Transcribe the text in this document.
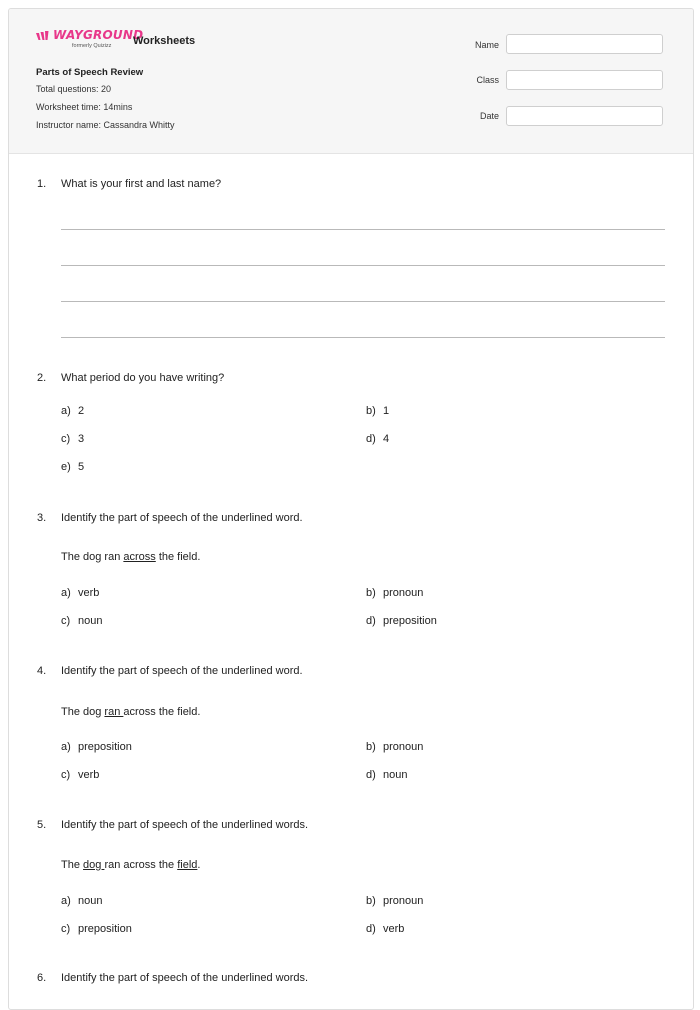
WAYGROUND
formerly Quizizz	Worksheets
Parts of Speech Review
Total questions: 20
Worksheet time: 14mins
Instructor name: Cassandra Whitty
Name
Class
Date
1. What is your first and last name?
2. What period do you have writing?
a) 2	b) 1
c) 3	d) 4
e) 5
3. Identify the part of speech of the underlined word.
The dog ran across the field.
a) verb	b) pronoun
c) noun	d) preposition
4. Identify the part of speech of the underlined word.
The dog ran across the field.
a) preposition	b) pronoun
c) verb	d) noun
5. Identify the part of speech of the underlined words.
The dog ran across the field.
a) noun	b) pronoun
c) preposition	d) verb
6. Identify the part of speech of the underlined words.
